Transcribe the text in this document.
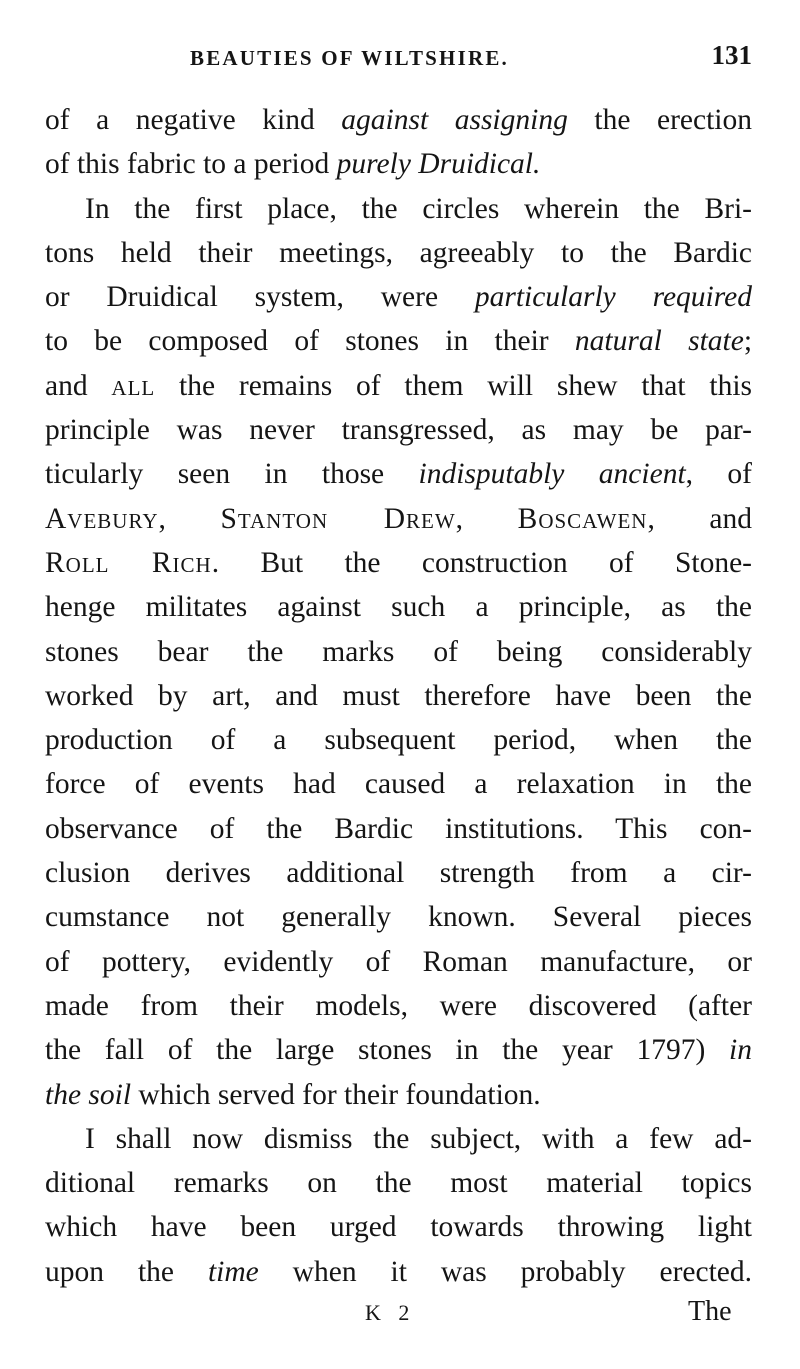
BEAUTIES OF WILTSHIRE.	131
of a negative kind against assigning the erection
of this fabric to a period purely Druidical.
In the first place, the circles wherein the Bri-
tons held their meetings, agreeably to the Bardic
or Druidical system, were particularly required
to be composed of stones in their natural state;
and all the remains of them will shew that this
principle was never transgressed, as may be par-
ticularly seen in those indisputably ancient, of
Avebury, Stanton Drew, Boscawen, and
Roll Rich. But the construction of Stone-
henge militates against such a principle, as the
stones bear the marks of being considerably
worked by art, and must therefore have been the
production of a subsequent period, when the
force of events had caused a relaxation in the
observance of the Bardic institutions. This con-
clusion derives additional strength from a cir-
cumstance not generally known. Several pieces
of pottery, evidently of Roman manufacture, or
made from their models, were discovered (after
the fall of the large stones in the year 1797) in
the soil which served for their foundation.
I shall now dismiss the subject, with a few ad-
ditional remarks on the most material topics
which have been urged towards throwing light
upon the time when it was probably erected.
K 2	The
